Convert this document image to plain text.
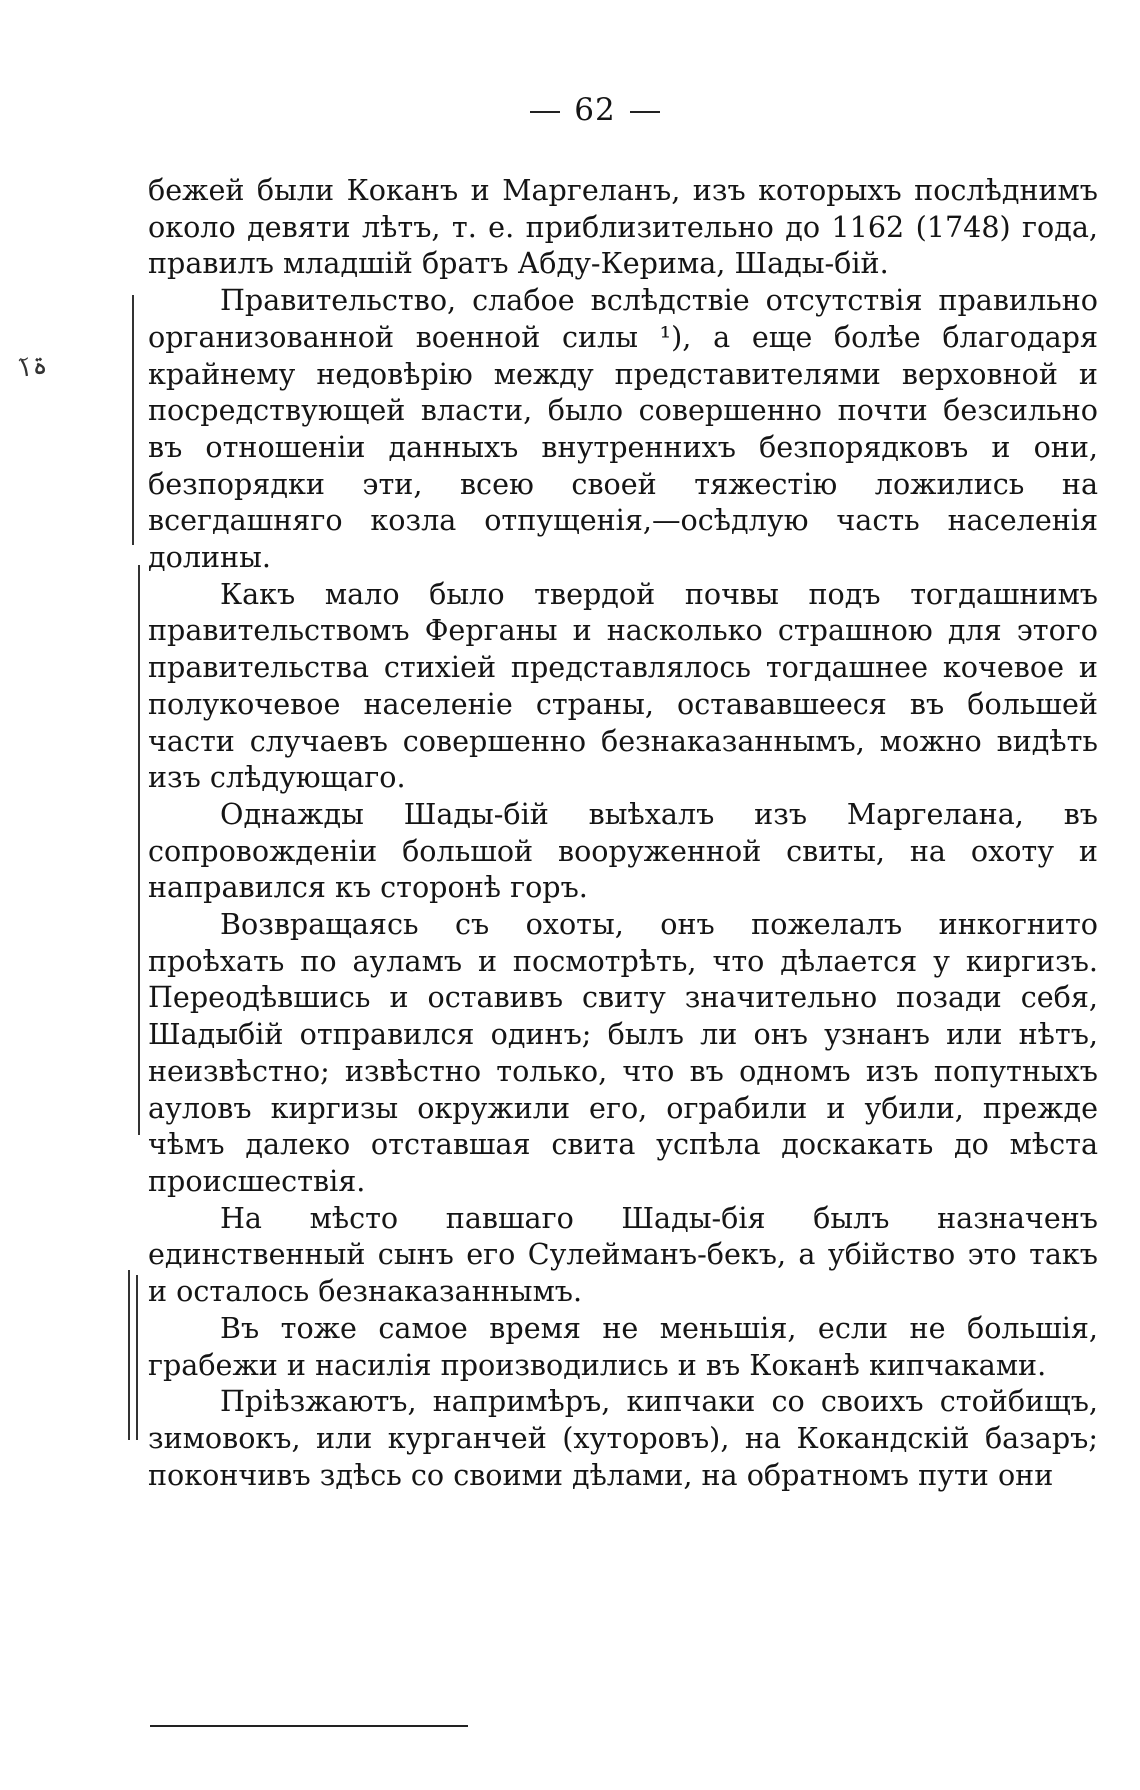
62

бежей были Коканъ и Маргеланъ, изъ которыхъ послѣднимъ около девяти лѣтъ, т. е. приблизительно до 1162 (1748) года, правилъ младшій братъ Абду-Керима, Шады-бій.

Правительство, слабое вслѣдствіе отсутствія правильно организованной военной силы ¹), а еще болѣе благодаря крайнему недовѣрію между представителями верховной и посредствующей власти, было совершенно почти безсильно въ отношеніи данныхъ внутреннихъ безпорядковъ и они, безпорядки эти, всею своей тяжестію ложились на всегдашняго козла отпущенія,—осѣдлую часть населенія долины.

Какъ мало было твердой почвы подъ тогдашнимъ правительствомъ Ферганы и насколько страшною для этого правительства стихіей представлялось тогдашнее кочевое и полукочевое населеніе страны, остававшееся въ большей части случаевъ совершенно безнаказаннымъ, можно видѣть изъ слѣдующаго.

Однажды Шады-бій выѣхалъ изъ Маргелана, въ сопровожденіи большой вооруженной свиты, на охоту и направился къ сторонѣ горъ.

Возвращаясь съ охоты, онъ пожелалъ инкогнито проѣхать по ауламъ и посмотрѣть, что дѣлается у киргизъ. Переодѣвшись и оставивъ свиту значительно позади себя, Шадыбій отправился одинъ; былъ ли онъ узнанъ или нѣтъ, неизвѣстно; извѣстно только, что въ одномъ изъ попутныхъ ауловъ киргизы окружили его, ограбили и убили, прежде чѣмъ далеко отставшая свита успѣла доскакать до мѣста происшествія.

На мѣсто павшаго Шады-бія былъ назначенъ единственный сынъ его Сулейманъ-бекъ, а убійство это такъ и осталось безнаказаннымъ.

Въ тоже самое время не меньшія, если не большія, грабежи и насилія производились и въ Коканѣ кипчаками.

Пріѣзжаютъ, напримѣръ, кипчаки со своихъ стойбищъ, зимовокъ, или курганчей (хуторовъ), на Кокандскій базаръ; покончивъ здѣсь со своими дѣлами, на обратномъ пути они

ٓ۱ۃ
